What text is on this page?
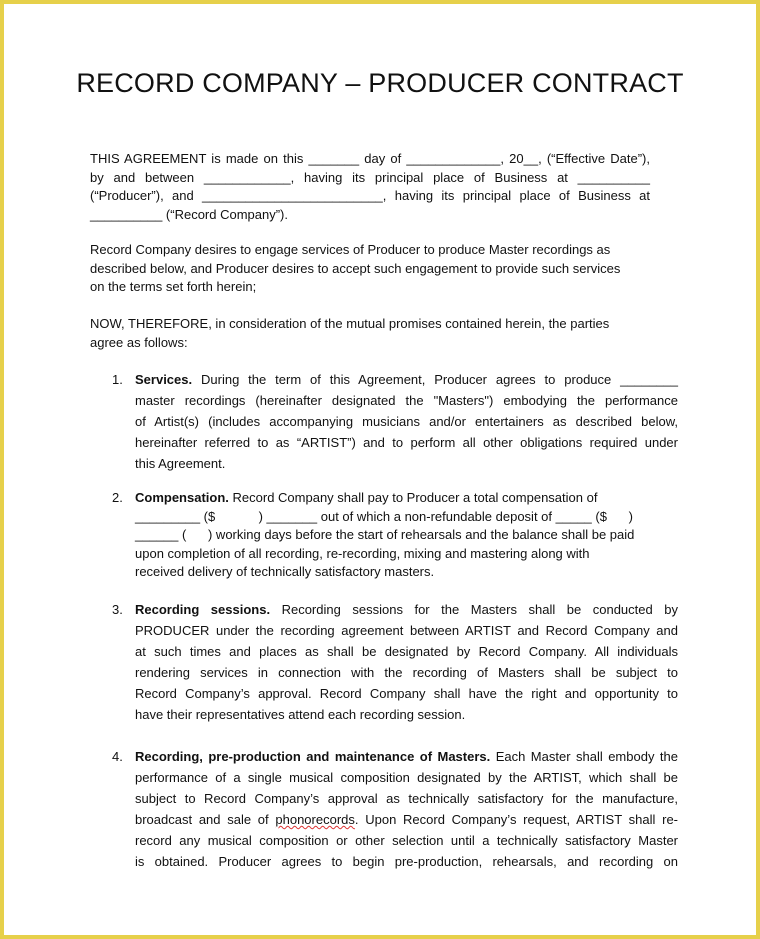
RECORD COMPANY – PRODUCER CONTRACT
THIS AGREEMENT is made on this _______ day of _____________, 20__, (“Effective Date”),
by and between ____________, having its principal place of Business at __________
(“Producer”), and _________________________, having its principal place of Business at
__________ (“Record Company”).
Record Company desires to engage services of Producer to produce Master recordings as
described below, and Producer desires to accept such engagement to provide such services
on the terms set forth herein;
NOW, THEREFORE, in consideration of the mutual promises contained herein, the parties
agree as follows:
1. Services. During the term of this Agreement, Producer agrees to produce ________
master recordings (hereinafter designated the "Masters") embodying the performance
of Artist(s) (includes accompanying musicians and/or entertainers as described below,
hereinafter referred to as “ARTIST”) and to perform all other obligations required under
this Agreement.
2. Compensation. Record Company shall pay to Producer a total compensation of
_________ ($            ) _______ out of which a non-refundable deposit of _____ ($      )
______ (      ) working days before the start of rehearsals and the balance shall be paid
upon completion of all recording, re-recording, mixing and mastering along with
received delivery of technically satisfactory masters.
3. Recording sessions. Recording sessions for the Masters shall be conducted by
PRODUCER under the recording agreement between ARTIST and Record Company and
at such times and places as shall be designated by Record Company. All individuals
rendering services in connection with the recording of Masters shall be subject to
Record Company’s approval. Record Company shall have the right and opportunity to
have their representatives attend each recording session.
4. Recording, pre-production and maintenance of Masters. Each Master shall embody the
performance of a single musical composition designated by the ARTIST, which shall be
subject to Record Company’s approval as technically satisfactory for the manufacture,
broadcast and sale of phonorecords. Upon Record Company’s request, ARTIST shall re-
record any musical composition or other selection until a technically satisfactory Master
is obtained. Producer agrees to begin pre-production, rehearsals, and recording on
